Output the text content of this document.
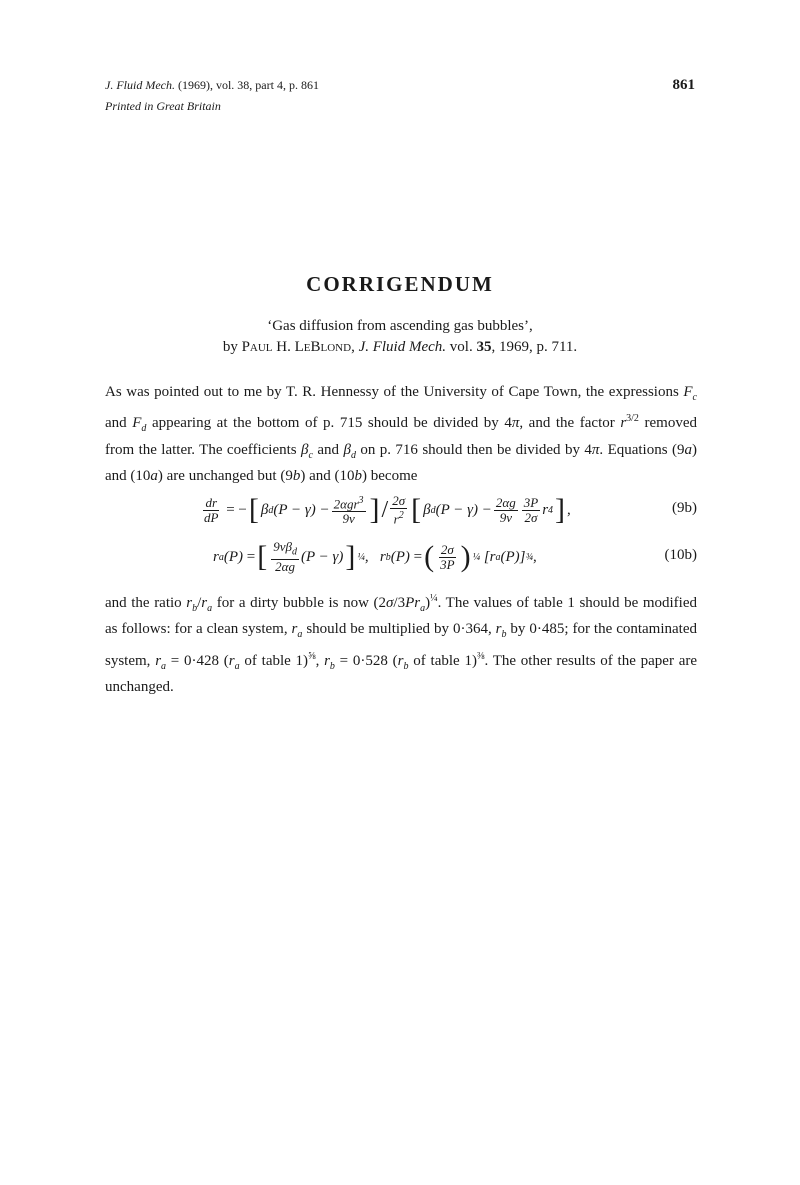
J. Fluid Mech. (1969), vol. 38, part 4, p. 861
Printed in Great Britain
861
CORRIGENDUM
‘Gas diffusion from ascending gas bubbles’,
by Paul H. LeBlond, J. Fluid Mech. vol. 35, 1969, p. 711.
As was pointed out to me by T. R. Hennessy of the University of Cape Town, the expressions $F_c$ and $F_d$ appearing at the bottom of p. 715 should be divided by 4π, and the factor $r^{3/2}$ removed from the latter. The coefficients $\beta_c$ and $\beta_d$ on p. 716 should then be divided by 4π. Equations (9a) and (10a) are unchanged but (9b) and (10b) become
$\frac{dr}{dP}$ = − [ β d $(P - \gamma) - \frac{2\alpha gr^3}{9\nu}$ ] / $\frac{2\sigma}{r^2}$ [ β d $(P - \gamma) - \frac{2\alpha g}{9\nu} \frac{3P}{2\sigma}$ r 4 ] ,	(9b)
r a (P) = [ $\frac{9\nu\beta_d}{2\alpha g} (P - \gamma)$ ] ¼ , r b (P) = ( $\frac{2\sigma}{3P}$ ) ¼ [r a (P)] ¾ ,	(10b)
and the ratio $r_b/r_a$ for a dirty bubble is now $(2\sigma/3Pr_a)^{\frac{1}{4}}$. The values of table 1 should be modified as follows: for a clean system, $r_a$ should be multiplied by 0·364, $r_b$ by 0·485; for the contaminated system, $r_a = 0\cdot 428$ ($r_a$ of table 1)$^{\frac{5}{8}}$, $r_b = 0\cdot 528$ ($r_b$ of table 1)$^{\frac{3}{8}}$. The other results of the paper are unchanged.
